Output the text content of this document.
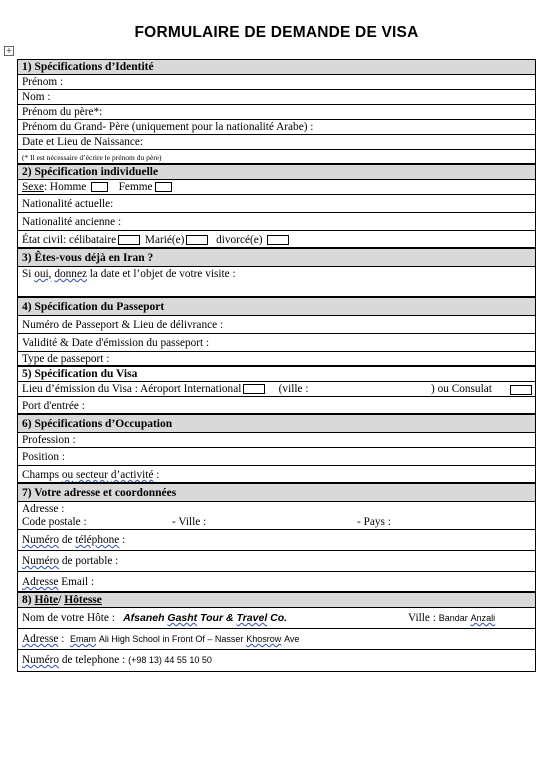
FORMULAIRE DE DEMANDE DE VISA
+
1) Spécifications d’Identité
Prénom :
Nom :
Prénom du père*:
Prénom du Grand- Père (uniquement pour la nationalité Arabe) :
Date et Lieu de Naissance:
(* Il est nécessaire d’écrire le prénom du père)
2) Spécification individuelle
Sexe: Homme	Femme
Nationalité actuelle:
Nationalité ancienne :
État civil: célibataire	Marié(e)	divorcé(e)
3) Êtes-vous déjà en Iran ?
Si oui, donnez la date et l’objet de votre visite :
4) Spécification du Passeport
Numéro de Passeport & Lieu de délivrance :
Validité & Date d'émission du passeport :
Type de passeport :
5) Spécification du Visa
Lieu d’émission du Visa : Aéroport International	(ville :	) ou Consulat
Port d'entrée :
6) Spécifications d’Occupation
Profession :
Position :
Champs ou secteur d’activité :
7) Votre adresse et coordonnées
Adresse :
Code postale :	- Ville :	- Pays :
Numéro de téléphone :
Numéro de portable :
Adresse Email :
8) Hôte/ Hôtesse
Nom de votre Hôte : Afsaneh Gasht Tour & Travel Co.	Ville : Bandar Anzali
Adresse : Emam Ali High School in Front Of – Nasser Khosrow Ave
Numéro de telephone : (+98 13) 44 55 10 50
